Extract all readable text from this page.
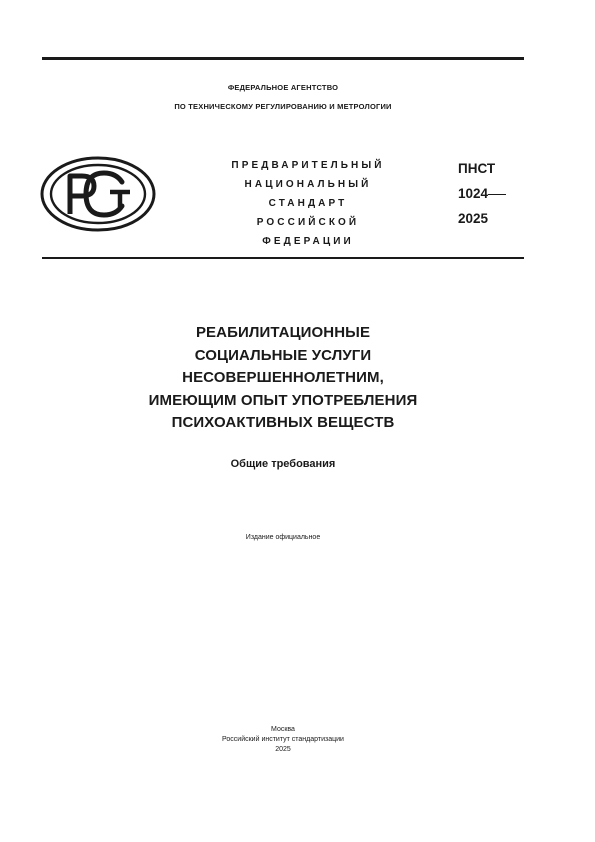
ФЕДЕРАЛЬНОЕ АГЕНТСТВО
ПО ТЕХНИЧЕСКОМУ РЕГУЛИРОВАНИЮ И МЕТРОЛОГИИ
ПРЕДВАРИТЕЛЬНЫЙ
НАЦИОНАЛЬНЫЙ
СТАНДАРТ
РОССИЙСКОЙ
ФЕДЕРАЦИИ
ПНСТ
1024
2025
РЕАБИЛИТАЦИОННЫЕ
СОЦИАЛЬНЫЕ УСЛУГИ
НЕСОВЕРШЕННОЛЕТНИМ,
ИМЕЮЩИМ ОПЫТ УПОТРЕБЛЕНИЯ
ПСИХОАКТИВНЫХ ВЕЩЕСТВ
Общие требования
Издание официальное
Москва
Российский институт стандартизации
2025
